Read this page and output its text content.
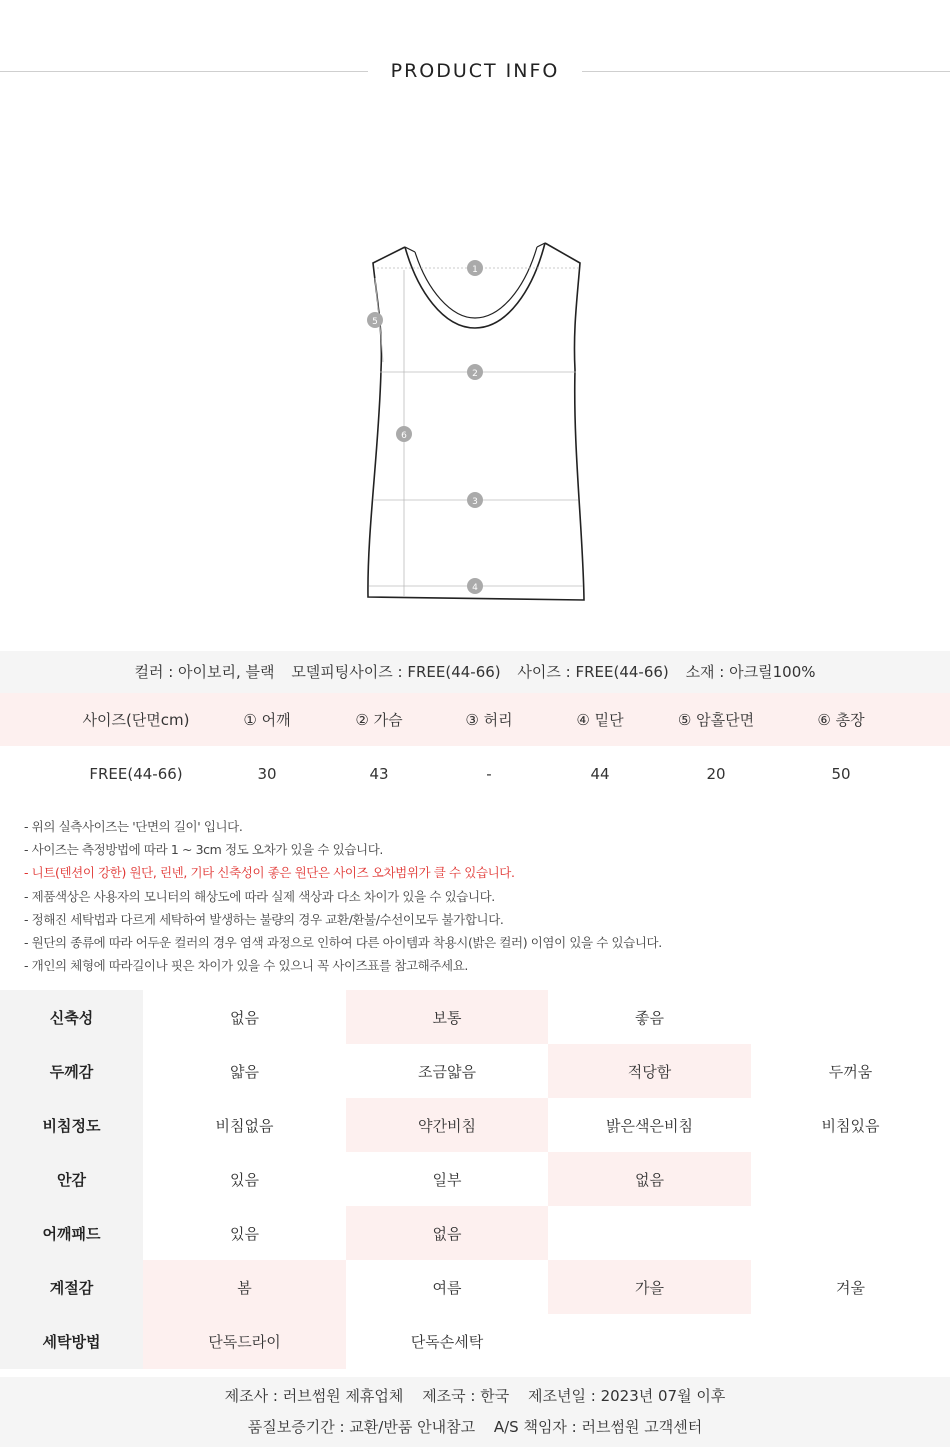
PRODUCT INFO
1
2
3
4
5
6
컬러 : 아이보리, 블랙 모델피팅사이즈 : FREE(44-66) 사이즈 : FREE(44-66) 소재 : 아크릴100%
사이즈(단면cm)	① 어깨	② 가슴	③ 허리	④ 밑단	⑤ 암홀단면	⑥ 총장
FREE(44-66)	30	43	-	44	20	50
- 위의 실측사이즈는 '단면의 길이' 입니다.
- 사이즈는 측정방법에 따라 1 ~ 3cm 정도 오차가 있을 수 있습니다.
- 니트(텐션이 강한) 원단, 린넨, 기타 신축성이 좋은 원단은 사이즈 오차범위가 클 수 있습니다.
- 제품색상은 사용자의 모니터의 해상도에 따라 실제 색상과 다소 차이가 있을 수 있습니다.
- 정해진 세탁법과 다르게 세탁하여 발생하는 불량의 경우 교환/환불/수선이모두 불가합니다.
- 원단의 종류에 따라 어두운 컬러의 경우 염색 과정으로 인하여 다른 아이템과 착용시(밝은 컬러) 이염이 있을 수 있습니다.
- 개인의 체형에 따라길이나 핏은 차이가 있을 수 있으니 꼭 사이즈표를 참고해주세요.
신축성	없음	보통	좋음
두께감	얇음	조금얇음	적당함	두꺼움
비침정도	비침없음	약간비침	밝은색은비침	비침있음
안감	있음	일부	없음
어깨패드	있음	없음
계절감	봄	여름	가을	겨울
세탁방법	단독드라이	단독손세탁
제조사 : 러브썸원 제휴업체 제조국 : 한국 제조년일 : 2023년 07월 이후
품질보증기간 : 교환/반품 안내참고 A/S 책임자 : 러브썸원 고객센터
